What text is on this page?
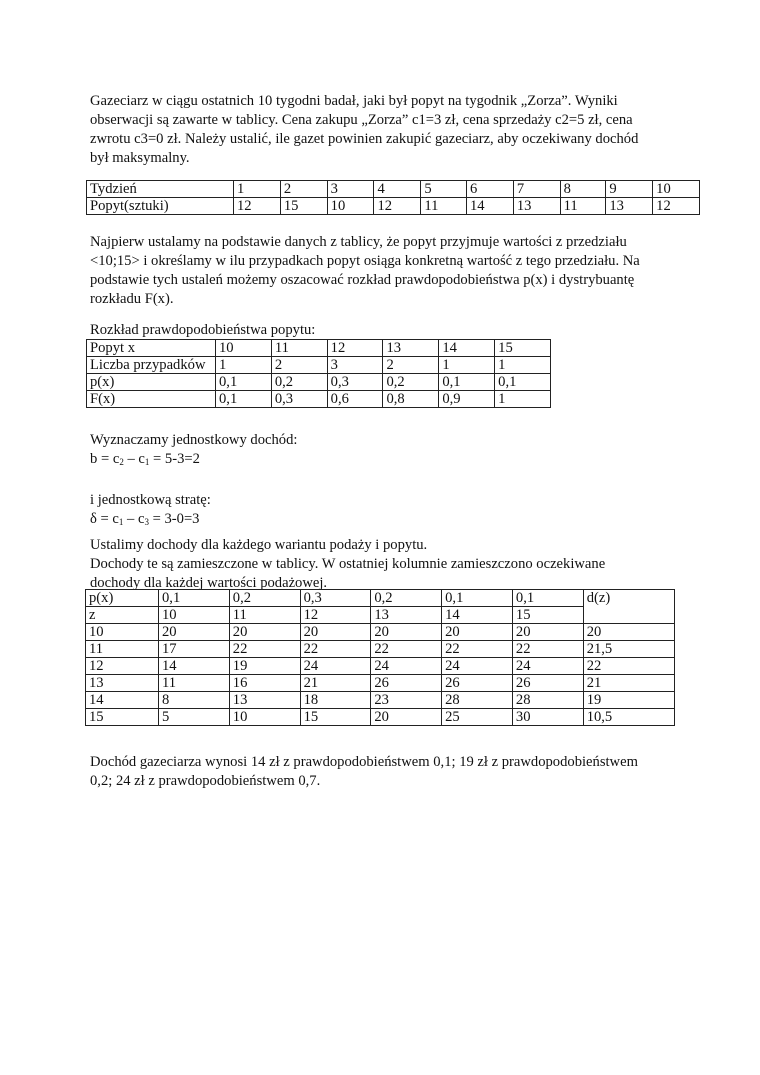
Gazeciarz w ciągu ostatnich 10 tygodni badał, jaki był popyt na tygodnik „Zorza”. Wyniki

obserwacji są zawarte w tablicy. Cena zakupu „Zorza” c1=3 zł, cena sprzedaży c2=5 zł, cena

zwrotu c3=0 zł. Należy ustalić, ile gazet powinien zakupić gazeciarz, aby oczekiwany dochód

był maksymalny.

Tydzień	1	2	3	4	5	6	7	8	9	10
Popyt(sztuki)	12	15	10	12	11	14	13	11	13	12

Najpierw ustalamy na podstawie danych z tablicy, że popyt przyjmuje wartości z przedziału

<10;15> i określamy w ilu przypadkach popyt osiąga konkretną wartość z tego przedziału. Na

podstawie tych ustaleń możemy oszacować rozkład prawdopodobieństwa p(x) i dystrybuantę

rozkładu F(x).

Rozkład prawdopodobieństwa popytu:
Popyt x	10	11	12	13	14	15
Liczba przypadków	1	2	3	2	1	1
p(x)	0,1	0,2	0,3	0,2	0,1	0,1
F(x)	0,1	0,3	0,6	0,8	0,9	1

Wyznaczamy jednostkowy dochód:

$b = c_2 - c_1 = 5-3=2$

i jednostkową stratę:

$\delta = c_1 - c_3 = 3-0=3$

Ustalimy dochody dla każdego wariantu podaży i popytu.

Dochody te są zamieszczone w tablicy. W ostatniej kolumnie zamieszczono oczekiwane

dochody dla każdej wartości podażowej.

p(x)	0,1	0,2	0,3	0,2	0,1	0,1	d(z)
z	10	11	12	13	14	15	
10	20	20	20	20	20	20	20
11	17	22	22	22	22	22	21,5
12	14	19	24	24	24	24	22
13	11	16	21	26	26	26	21
14	8	13	18	23	28	28	19
15	5	10	15	20	25	30	10,5

Dochód gazeciarza wynosi 14 zł z prawdopodobieństwem 0,1; 19 zł z prawdopodobieństwem

0,2; 24 zł z prawdopodobieństwem 0,7.
